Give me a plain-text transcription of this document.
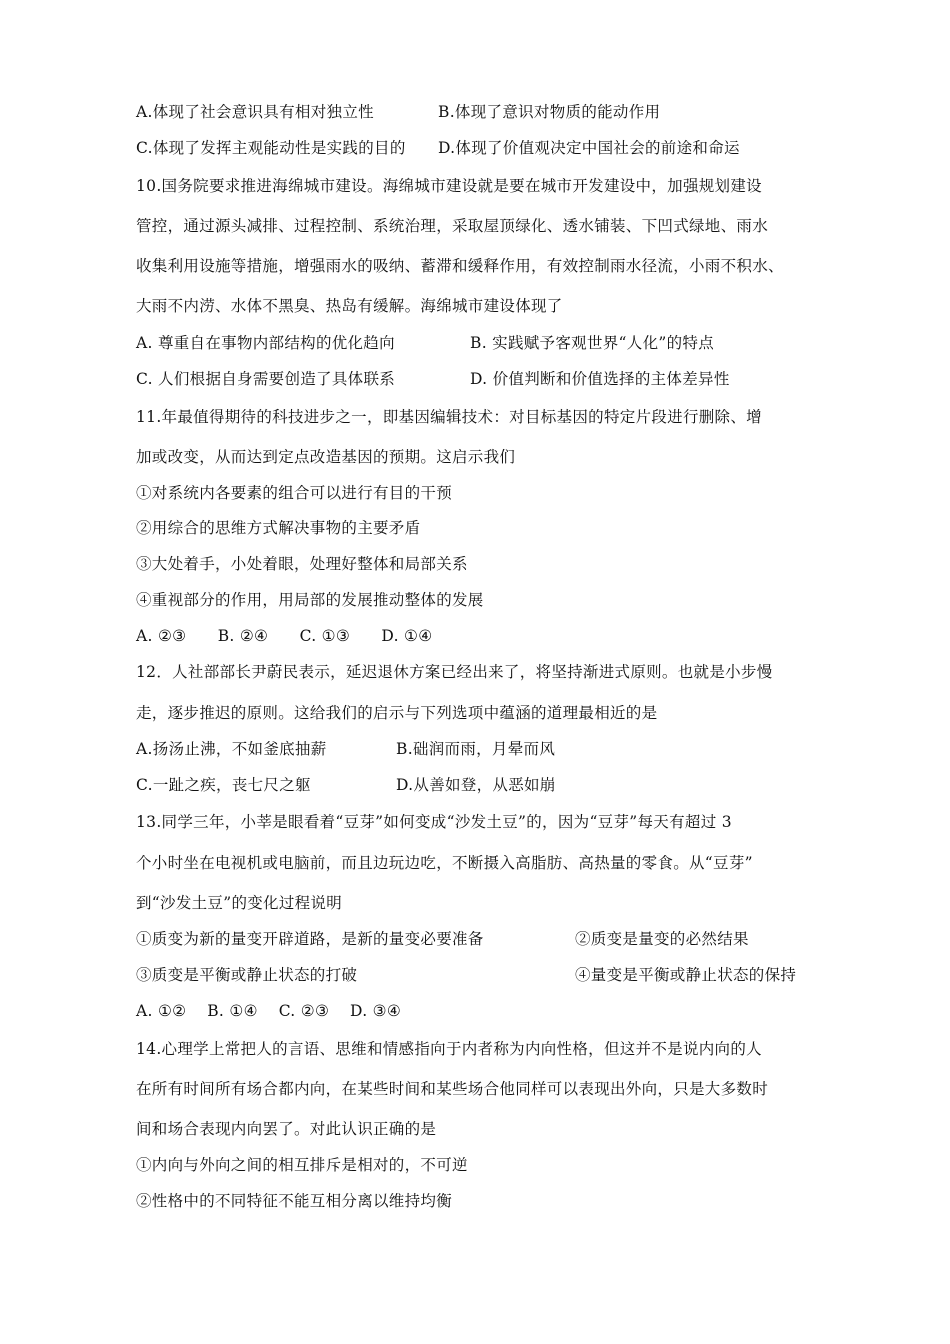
A.体现了社会意识具有相对独立性	B.体现了意识对物质的能动作用
C.体现了发挥主观能动性是实践的目的 D.体现了价值观决定中国社会的前途和命运
10.国务院要求推进海绵城市建设。海绵城市建设就是要在城市开发建设中，加强规划建设
管控，通过源头减排、过程控制、系统治理，采取屋顶绿化、透水铺装、下凹式绿地、雨水
收集利用设施等措施，增强雨水的吸纳、蓄滞和缓释作用，有效控制雨水径流，小雨不积水、
大雨不内涝、水体不黑臭、热岛有缓解。海绵城市建设体现了
A. 尊重自在事物内部结构的优化趋向	B. 实践赋予客观世界“人化”的特点
C. 人们根据自身需要创造了具体联系	D. 价值判断和价值选择的主体差异性
11.年最值得期待的科技进步之一，即基因编辑技术：对目标基因的特定片段进行删除、增
加或改变，从而达到定点改造基因的预期。这启示我们
①对系统内各要素的组合可以进行有目的干预
②用综合的思维方式解决事物的主要矛盾
③大处着手，小处着眼，处理好整体和局部关系
④重视部分的作用，用局部的发展推动整体的发展
A. ②③      B. ②④      C. ①③      D. ①④
12．人社部部长尹蔚民表示，延迟退休方案已经出来了，将坚持渐进式原则。也就是小步慢
走，逐步推迟的原则。这给我们的启示与下列选项中蕴涵的道理最相近的是
A.扬汤止沸，不如釜底抽薪	B.础润而雨，月晕而风
C.一趾之疾，丧七尺之躯	D.从善如登，从恶如崩
13.同学三年，小莘是眼看着“豆芽”如何变成“沙发土豆”的，因为“豆芽”每天有超过 3
个小时坐在电视机或电脑前，而且边玩边吃，不断摄入高脂肪、高热量的零食。从“豆芽”
到“沙发土豆”的变化过程说明
①质变为新的量变开辟道路，是新的量变必要准备	②质变是量变的必然结果
③质变是平衡或静止状态的打破	④量变是平衡或静止状态的保持
A. ①②    B. ①④    C. ②③    D. ③④
14.心理学上常把人的言语、思维和情感指向于内者称为内向性格，但这并不是说内向的人
在所有时间所有场合都内向，在某些时间和某些场合他同样可以表现出外向，只是大多数时
间和场合表现内向罢了。对此认识正确的是
①内向与外向之间的相互排斥是相对的，不可逆
②性格中的不同特征不能互相分离以维持均衡
